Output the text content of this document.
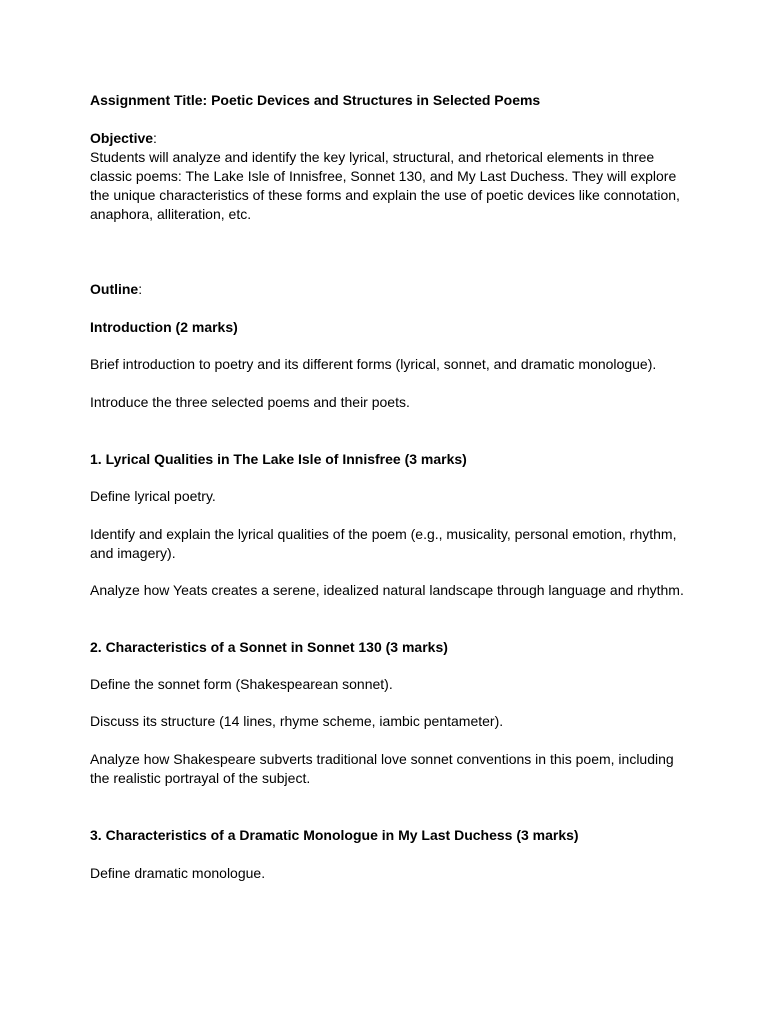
Assignment Title: Poetic Devices and Structures in Selected Poems

Objective:

Students will analyze and identify the key lyrical, structural, and rhetorical elements in three classic poems: The Lake Isle of Innisfree, Sonnet 130, and My Last Duchess. They will explore the unique characteristics of these forms and explain the use of poetic devices like connotation, anaphora, alliteration, etc.

Outline:

Introduction (2 marks)

Brief introduction to poetry and its different forms (lyrical, sonnet, and dramatic monologue).

Introduce the three selected poems and their poets.

1. Lyrical Qualities in The Lake Isle of Innisfree (3 marks)

Define lyrical poetry.

Identify and explain the lyrical qualities of the poem (e.g., musicality, personal emotion, rhythm, and imagery).

Analyze how Yeats creates a serene, idealized natural landscape through language and rhythm.

2. Characteristics of a Sonnet in Sonnet 130 (3 marks)

Define the sonnet form (Shakespearean sonnet).

Discuss its structure (14 lines, rhyme scheme, iambic pentameter).

Analyze how Shakespeare subverts traditional love sonnet conventions in this poem, including the realistic portrayal of the subject.

3. Characteristics of a Dramatic Monologue in My Last Duchess (3 marks)

Define dramatic monologue.
